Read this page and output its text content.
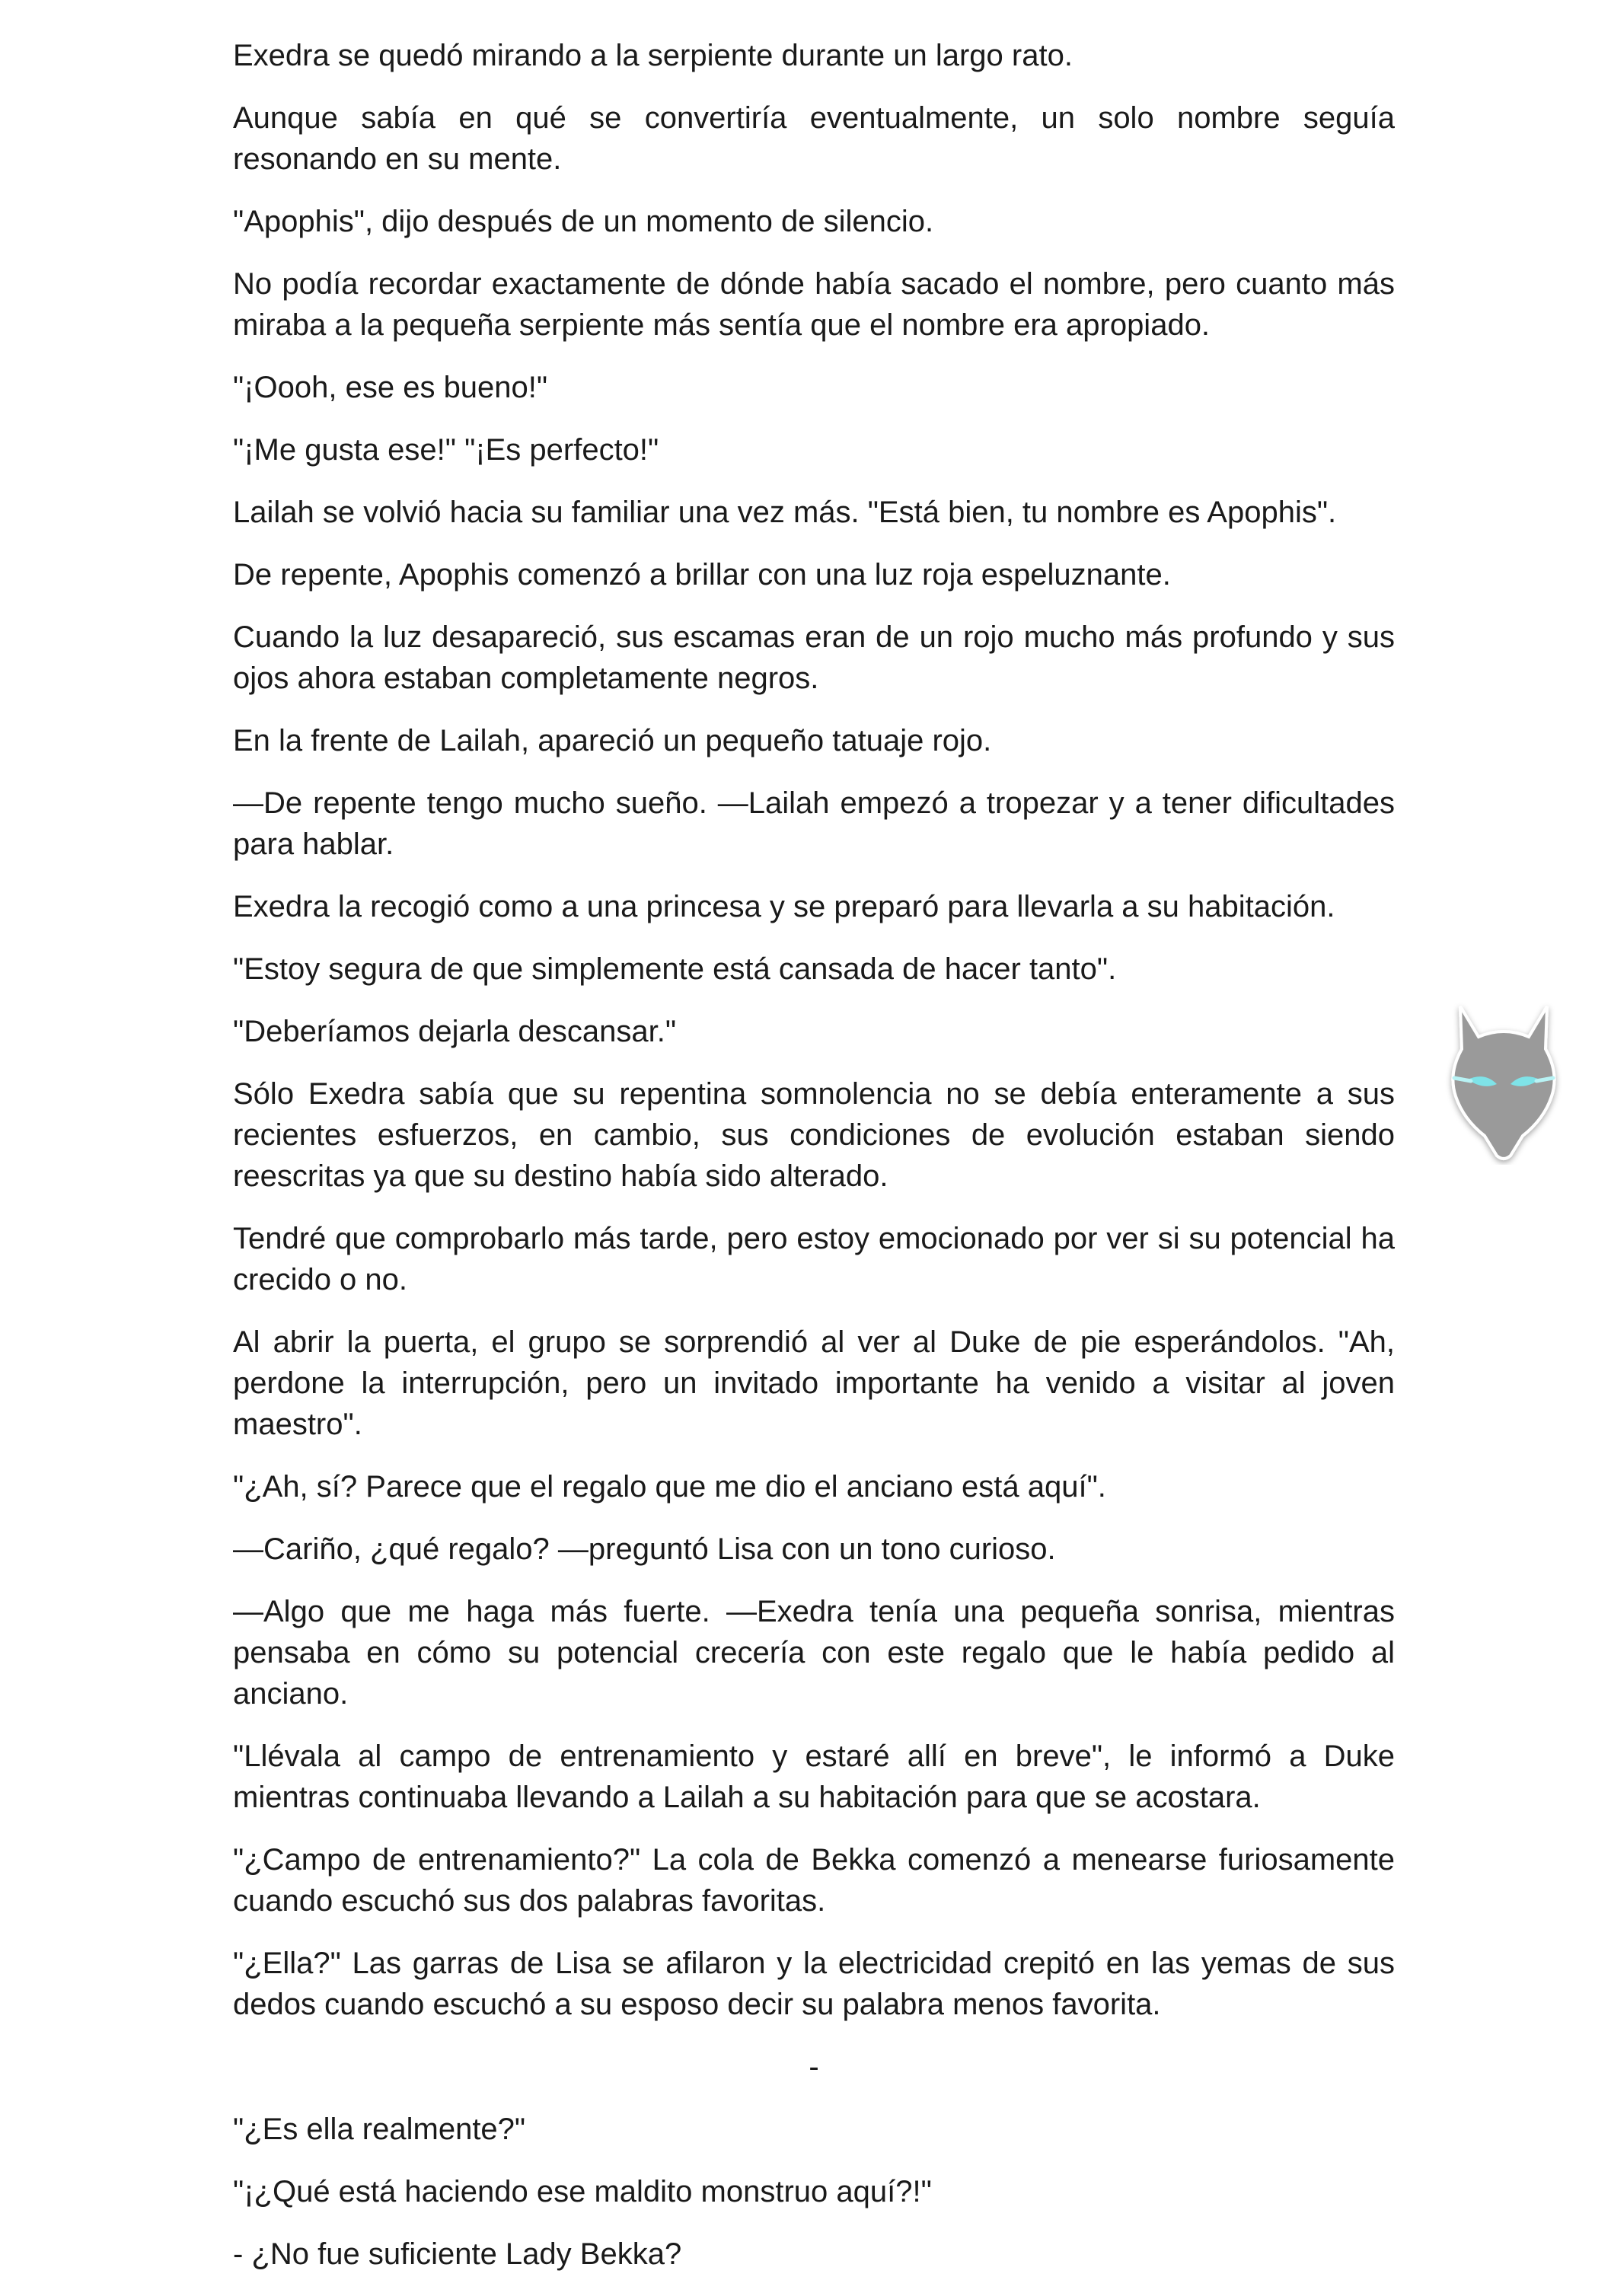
Exedra se quedó mirando a la serpiente durante un largo rato.

Aunque sabía en qué se convertiría eventualmente, un solo nombre seguía resonando en su mente.

"Apophis", dijo después de un momento de silencio.

No podía recordar exactamente de dónde había sacado el nombre, pero cuanto más miraba a la pequeña serpiente más sentía que el nombre era apropiado.

"¡Oooh, ese es bueno!"

"¡Me gusta ese!" "¡Es perfecto!"

Lailah se volvió hacia su familiar una vez más. "Está bien, tu nombre es Apophis".

De repente, Apophis comenzó a brillar con una luz roja espeluznante.

Cuando la luz desapareció, sus escamas eran de un rojo mucho más profundo y sus ojos ahora estaban completamente negros.

En la frente de Lailah, apareció un pequeño tatuaje rojo.

—De repente tengo mucho sueño. —Lailah empezó a tropezar y a tener dificultades para hablar.

Exedra la recogió como a una princesa y se preparó para llevarla a su habitación.

"Estoy segura de que simplemente está cansada de hacer tanto".

"Deberíamos dejarla descansar."

Sólo Exedra sabía que su repentina somnolencia no se debía enteramente a sus recientes esfuerzos, en cambio, sus condiciones de evolución estaban siendo reescritas ya que su destino había sido alterado.

Tendré que comprobarlo más tarde, pero estoy emocionado por ver si su potencial ha crecido o no.

Al abrir la puerta, el grupo se sorprendió al ver al Duke de pie esperándolos. "Ah, perdone la interrupción, pero un invitado importante ha venido a visitar al joven maestro".

"¿Ah, sí? Parece que el regalo que me dio el anciano está aquí".

—Cariño, ¿qué regalo? —preguntó Lisa con un tono curioso.

—Algo que me haga más fuerte. —Exedra tenía una pequeña sonrisa, mientras pensaba en cómo su potencial crecería con este regalo que le había pedido al anciano.

"Llévala al campo de entrenamiento y estaré allí en breve", le informó a Duke mientras continuaba llevando a Lailah a su habitación para que se acostara.

"¿Campo de entrenamiento?" La cola de Bekka comenzó a menearse furiosamente cuando escuchó sus dos palabras favoritas.

"¿Ella?" Las garras de Lisa se afilaron y la electricidad crepitó en las yemas de sus dedos cuando escuchó a su esposo decir su palabra menos favorita.

-

"¿Es ella realmente?"

"¡¿Qué está haciendo ese maldito monstruo aquí?!"

- ¿No fue suficiente Lady Bekka?
